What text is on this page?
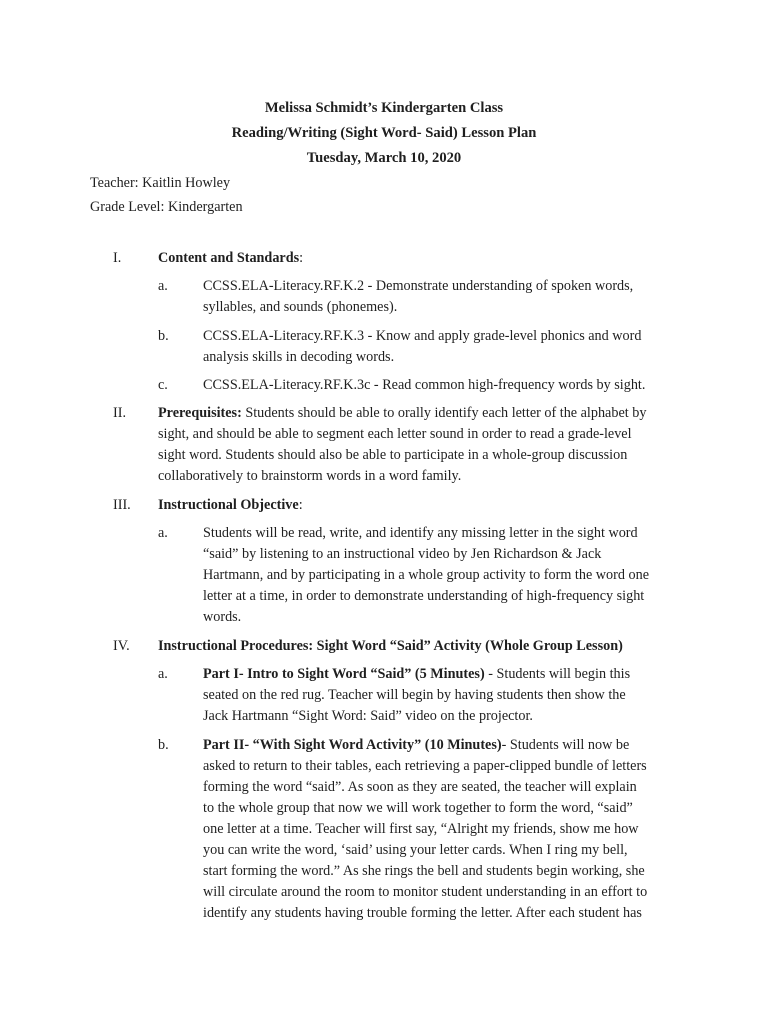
Melissa Schmidt’s Kindergarten Class
Reading/Writing (Sight Word- Said) Lesson Plan
Tuesday, March 10, 2020
Teacher: Kaitlin Howley
Grade Level: Kindergarten
I.	Content and Standards:
a. CCSS.ELA-Literacy.RF.K.2 - Demonstrate understanding of spoken words,
syllables, and sounds (phonemes).
b. CCSS.ELA-Literacy.RF.K.3 - Know and apply grade-level phonics and word
analysis skills in decoding words.
c. CCSS.ELA-Literacy.RF.K.3c - Read common high-frequency words by sight.
II. Prerequisites: Students should be able to orally identify each letter of the alphabet by
sight, and should be able to segment each letter sound in order to read a grade-level
sight word. Students should also be able to participate in a whole-group discussion
collaboratively to brainstorm words in a word family.
III. Instructional Objective:
a. Students will be read, write, and identify any missing letter in the sight word
“said” by listening to an instructional video by Jen Richardson & Jack
Hartmann, and by participating in a whole group activity to form the word one
letter at a time, in order to demonstrate understanding of high-frequency sight
words.
IV. Instructional Procedures: Sight Word “Said” Activity (Whole Group Lesson)
a. Part I- Intro to Sight Word “Said” (5 Minutes) - Students will begin this
seated on the red rug. Teacher will begin by having students then show the
Jack Hartmann “Sight Word: Said” video on the projector.
b. Part II- “With Sight Word Activity” (10 Minutes)- Students will now be
asked to return to their tables, each retrieving a paper-clipped bundle of letters
forming the word “said”. As soon as they are seated, the teacher will explain
to the whole group that now we will work together to form the word, “said”
one letter at a time. Teacher will first say, “Alright my friends, show me how
you can write the word, ‘said’ using your letter cards. When I ring my bell,
start forming the word.” As she rings the bell and students begin working, she
will circulate around the room to monitor student understanding in an effort to
identify any students having trouble forming the letter. After each student has
